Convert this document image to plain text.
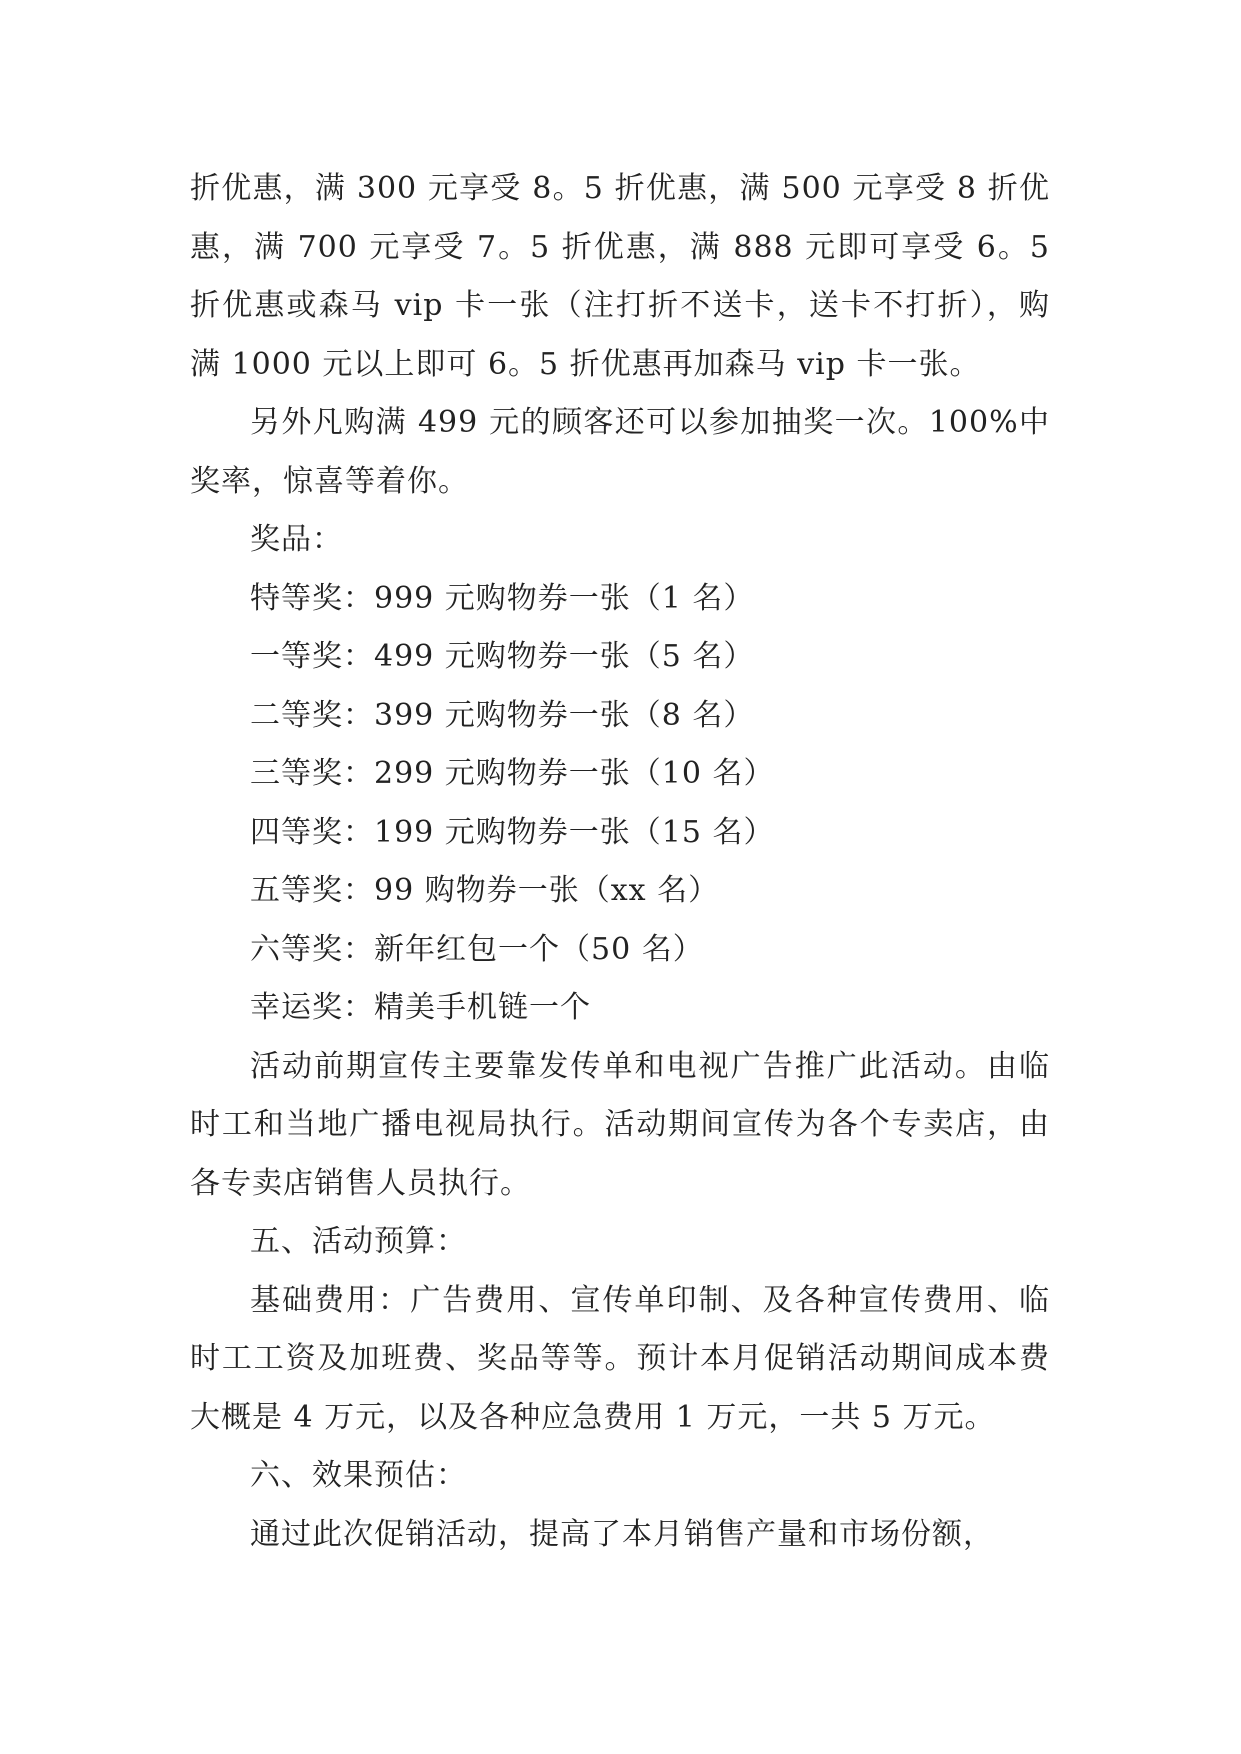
折优惠，满 300 元享受 8。5 折优惠，满 500 元享受 8 折优惠，满 700 元享受 7。5 折优惠，满 888 元即可享受 6。5 折优惠或森马 vip 卡一张（注打折不送卡，送卡不打折），购满 1000 元以上即可 6。5 折优惠再加森马 vip 卡一张。

另外凡购满 499 元的顾客还可以参加抽奖一次。100%中奖率，惊喜等着你。

奖品：

特等奖：999 元购物券一张（1 名）

一等奖：499 元购物券一张（5 名）

二等奖：399 元购物券一张（8 名）

三等奖：299 元购物券一张（10 名）

四等奖：199 元购物券一张（15 名）

五等奖：99 购物券一张（xx 名）

六等奖：新年红包一个（50 名）

幸运奖：精美手机链一个

活动前期宣传主要靠发传单和电视广告推广此活动。由临时工和当地广播电视局执行。活动期间宣传为各个专卖店，由各专卖店销售人员执行。

五、活动预算：

基础费用：广告费用、宣传单印制、及各种宣传费用、临时工工资及加班费、奖品等等。预计本月促销活动期间成本费大概是 4 万元，以及各种应急费用 1 万元，一共 5 万元。

六、效果预估：

通过此次促销活动，提高了本月销售产量和市场份额，
